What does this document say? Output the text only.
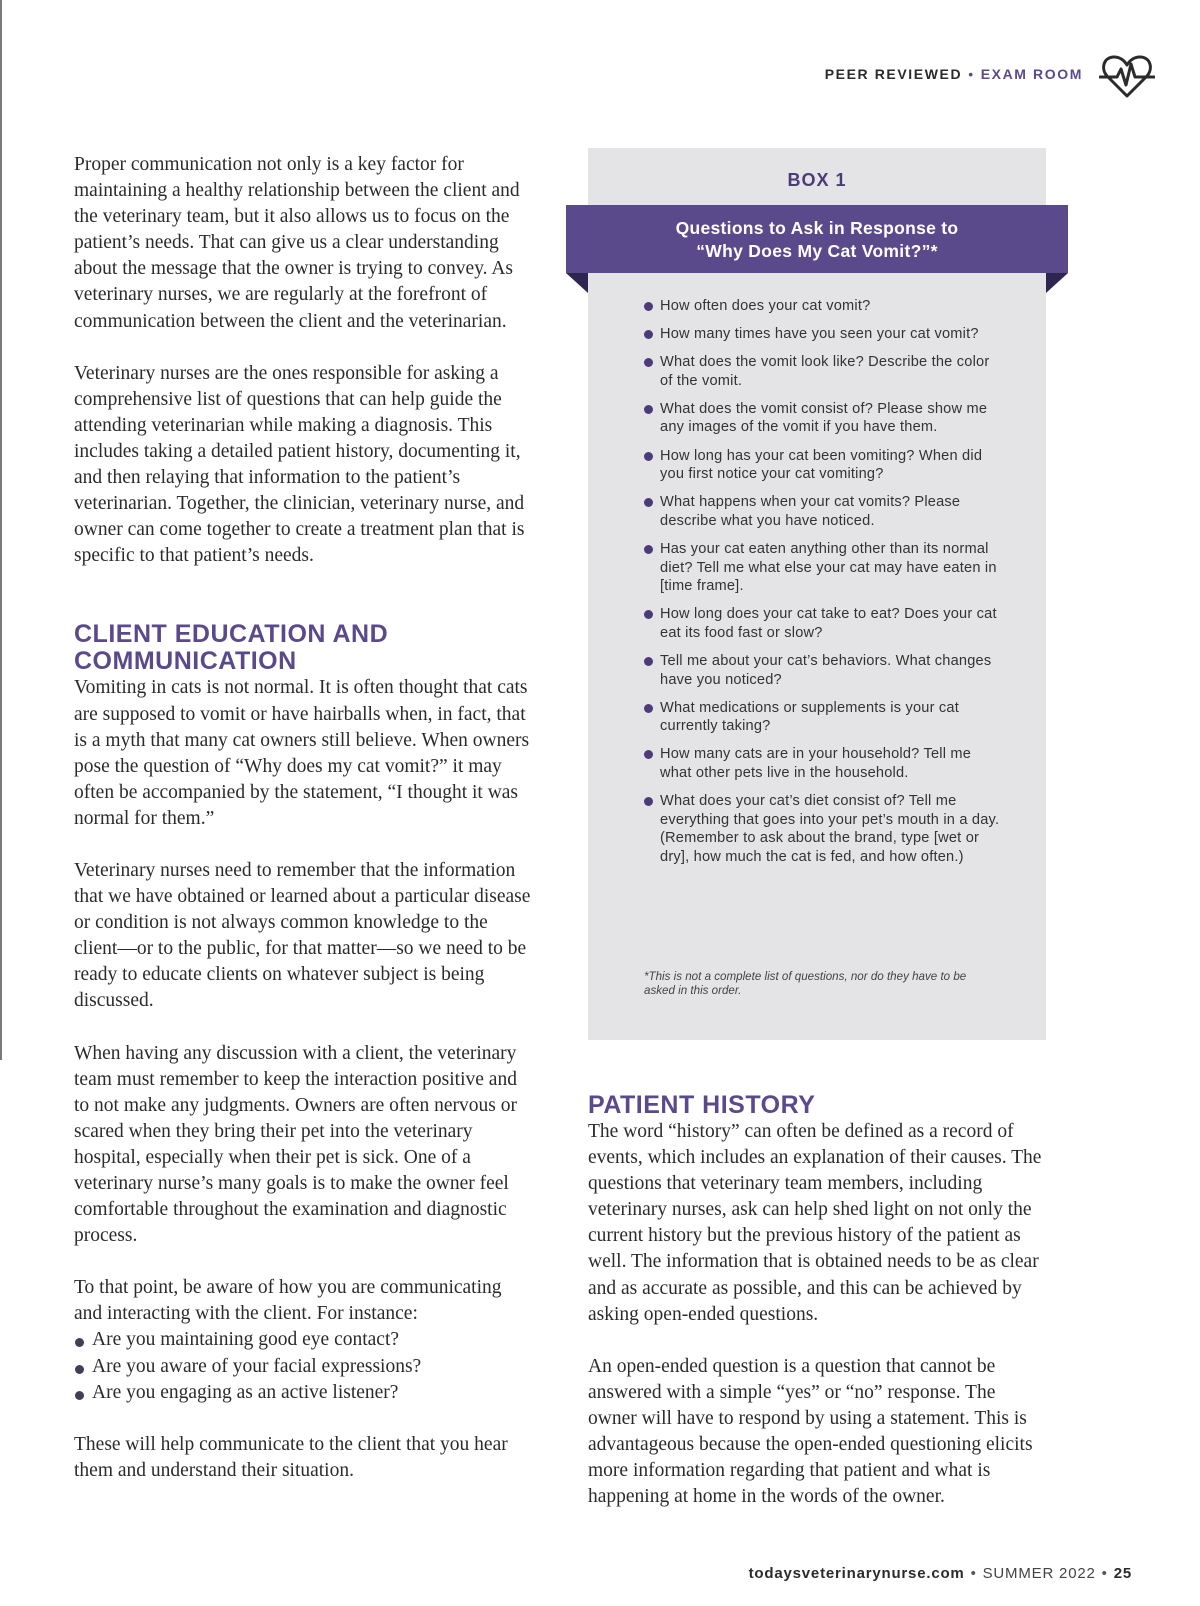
PEER REVIEWED • EXAM ROOM

Proper communication not only is a key factor for maintaining a healthy relationship between the client and the veterinary team, but it also allows us to focus on the patient’s needs. That can give us a clear understanding about the message that the owner is trying to convey. As veterinary nurses, we are regularly at the forefront of communication between the client and the veterinarian.

Veterinary nurses are the ones responsible for asking a comprehensive list of questions that can help guide the attending veterinarian while making a diagnosis. This includes taking a detailed patient history, documenting it, and then relaying that information to the patient’s veterinarian. Together, the clinician, veterinary nurse, and owner can come together to create a treatment plan that is specific to that patient’s needs.

CLIENT EDUCATION AND COMMUNICATION

Vomiting in cats is not normal. It is often thought that cats are supposed to vomit or have hairballs when, in fact, that is a myth that many cat owners still believe. When owners pose the question of “Why does my cat vomit?” it may often be accompanied by the statement, “I thought it was normal for them.”

Veterinary nurses need to remember that the information that we have obtained or learned about a particular disease or condition is not always common knowledge to the client—or to the public, for that matter—so we need to be ready to educate clients on whatever subject is being discussed.

When having any discussion with a client, the veterinary team must remember to keep the interaction positive and to not make any judgments. Owners are often nervous or scared when they bring their pet into the veterinary hospital, especially when their pet is sick. One of a veterinary nurse’s many goals is to make the owner feel comfortable throughout the examination and diagnostic process.

To that point, be aware of how you are communicating and interacting with the client. For instance:

Are you maintaining good eye contact?
Are you aware of your facial expressions?
Are you engaging as an active listener?

These will help communicate to the client that you hear them and understand their situation.

BOX 1
Questions to Ask in Response to
“Why Does My Cat Vomit?”*
How often does your cat vomit?
How many times have you seen your cat vomit?
What does the vomit look like? Describe the color of the vomit.
What does the vomit consist of? Please show me any images of the vomit if you have them.
How long has your cat been vomiting? When did you first notice your cat vomiting?
What happens when your cat vomits? Please describe what you have noticed.
Has your cat eaten anything other than its normal diet? Tell me what else your cat may have eaten in [time frame].
How long does your cat take to eat? Does your cat eat its food fast or slow?
Tell me about your cat’s behaviors. What changes have you noticed?
What medications or supplements is your cat currently taking?
How many cats are in your household? Tell me what other pets live in the household.
What does your cat’s diet consist of? Tell me everything that goes into your pet’s mouth in a day. (Remember to ask about the brand, type [wet or dry], how much the cat is fed, and how often.)
*This is not a complete list of questions, nor do they have to be asked in this order.
PATIENT HISTORY

The word “history” can often be defined as a record of events, which includes an explanation of their causes. The questions that veterinary team members, including veterinary nurses, ask can help shed light on not only the current history but the previous history of the patient as well. The information that is obtained needs to be as clear and as accurate as possible, and this can be achieved by asking open-ended questions.

An open-ended question is a question that cannot be answered with a simple “yes” or “no” response. The owner will have to respond by using a statement. This is advantageous because the open-ended questioning elicits more information regarding that patient and what is happening at home in the words of the owner.

todaysveterinarynurse.com • SUMMER 2022 • 25
